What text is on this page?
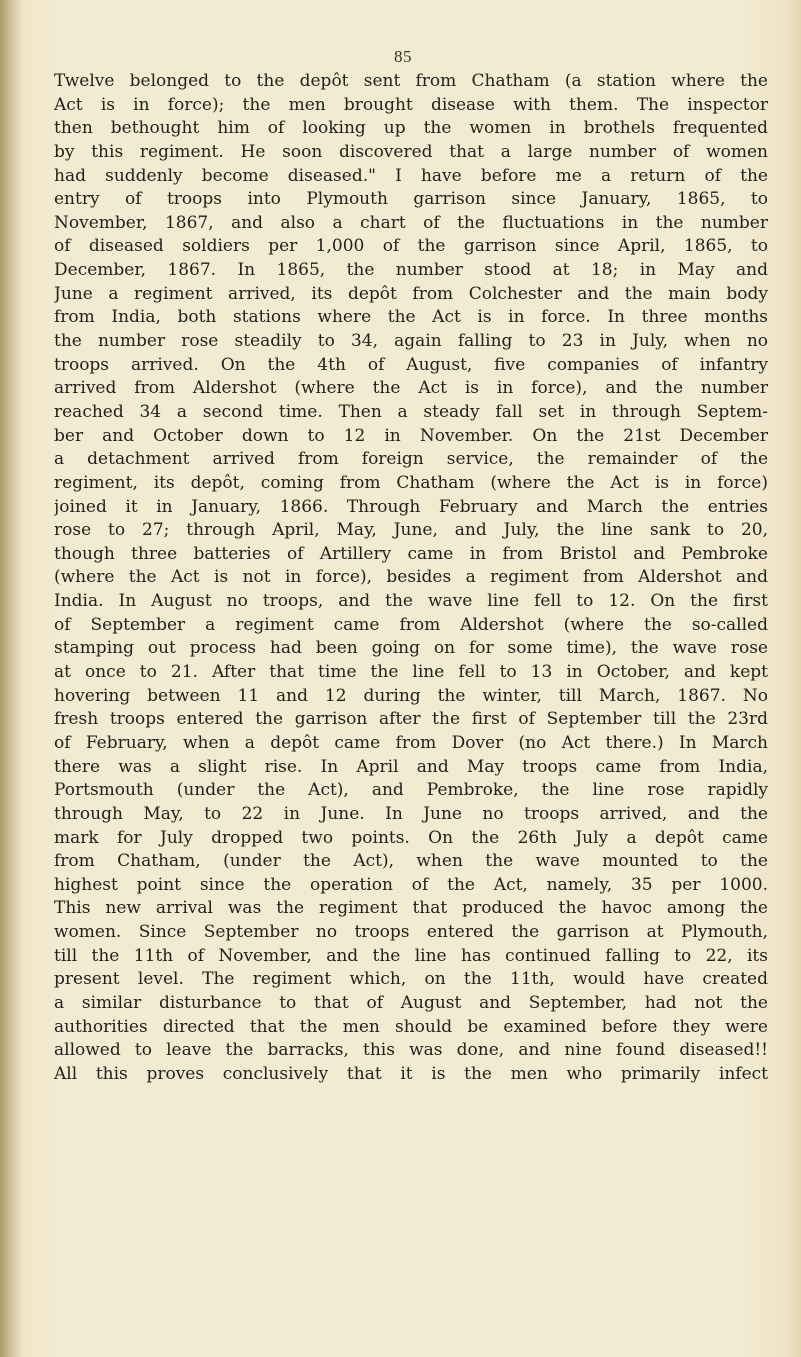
85
Twelve belonged to the depôt sent from Chatham (a station where the
Act is in force); the men brought disease with them. The inspector
then bethought him of looking up the women in brothels frequented
by this regiment. He soon discovered that a large number of women
had suddenly become diseased." I have before me a return of the
entry of troops into Plymouth garrison since January, 1865, to
November, 1867, and also a chart of the fluctuations in the number
of diseased soldiers per 1,000 of the garrison since April, 1865, to
December, 1867. In 1865, the number stood at 18; in May and
June a regiment arrived, its depôt from Colchester and the main body
from India, both stations where the Act is in force. In three months
the number rose steadily to 34, again falling to 23 in July, when no
troops arrived. On the 4th of August, five companies of infantry
arrived from Aldershot (where the Act is in force), and the number
reached 34 a second time. Then a steady fall set in through Septem-
ber and October down to 12 in November. On the 21st December
a detachment arrived from foreign service, the remainder of the
regiment, its depôt, coming from Chatham (where the Act is in force)
joined it in January, 1866. Through February and March the entries
rose to 27; through April, May, June, and July, the line sank to 20,
though three batteries of Artillery came in from Bristol and Pembroke
(where the Act is not in force), besides a regiment from Aldershot and
India. In August no troops, and the wave line fell to 12. On the first
of September a regiment came from Aldershot (where the so-called
stamping out process had been going on for some time), the wave rose
at once to 21. After that time the line fell to 13 in October, and kept
hovering between 11 and 12 during the winter, till March, 1867. No
fresh troops entered the garrison after the first of September till the 23rd
of February, when a depôt came from Dover (no Act there.) In March
there was a slight rise. In April and May troops came from India,
Portsmouth (under the Act), and Pembroke, the line rose rapidly
through May, to 22 in June. In June no troops arrived, and the
mark for July dropped two points. On the 26th July a depôt came
from Chatham, (under the Act), when the wave mounted to the
highest point since the operation of the Act, namely, 35 per 1000.
This new arrival was the regiment that produced the havoc among the
women. Since September no troops entered the garrison at Plymouth,
till the 11th of November, and the line has continued falling to 22, its
present level. The regiment which, on the 11th, would have created
a similar disturbance to that of August and September, had not the
authorities directed that the men should be examined before they were
allowed to leave the barracks, this was done, and nine found diseased!!
All this proves conclusively that it is the men who primarily infect
